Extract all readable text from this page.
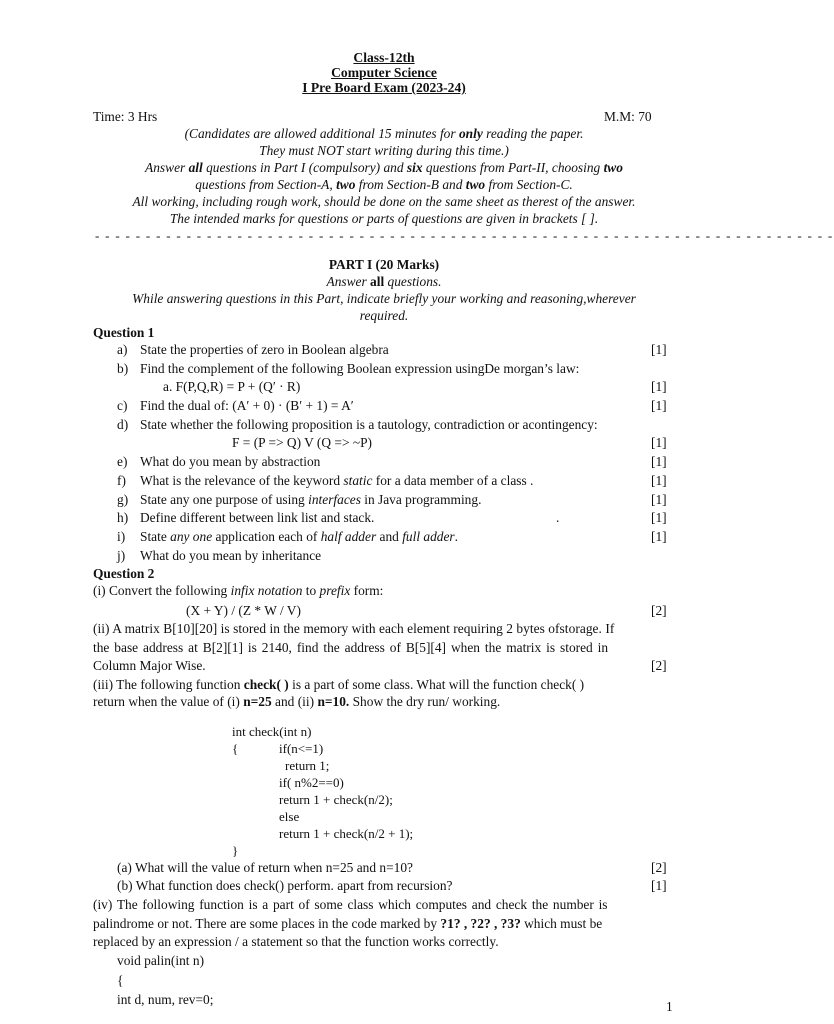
Class-12th
Computer Science
I Pre Board Exam (2023-24)
Time: 3 Hrs	M.M: 70
(Candidates are allowed additional 15 minutes for only reading the paper.
They must NOT start writing during this time.)
Answer all questions in Part I (compulsory) and six questions from Part-II, choosing two
questions from Section-A, two from Section-B and two from Section-C.
All working, including rough work, should be done on the same sheet as therest of the answer.
The intended marks for questions or parts of questions are given in brackets [ ].
- - - - - - - - - - - - - - - - - - - - - - - - - - - - - - - - - - - - - - - - - - - - - - - - - - - - - - - - - - - - - - - - - - - - - - - - -
PART I (20 Marks)
Answer all questions.
While answering questions in this Part, indicate briefly your working and reasoning,wherever
required.
Question 1
a) State the properties of zero in Boolean algebra	[1]
b) Find the complement of the following Boolean expression usingDe morgan’s law:
a. F(P,Q,R) = P + (Q′ · R)	[1]
c) Find the dual of: (A′ + 0) · (B′ + 1) = A′	[1]
d) State whether the following proposition is a tautology, contradiction or acontingency:
F = (P => Q) V (Q => ~P)	[1]
e) What do you mean by abstraction	[1]
f) What is the relevance of the keyword static for a data member of a class .	[1]
g) State any one purpose of using interfaces in Java programming.	[1]
h) Define different between link list and stack.	.	[1]
i) State any one application each of half adder and full adder.	[1]
j) What do you mean by inheritance
Question 2
(i) Convert the following infix notation to prefix form:
(X + Y) / (Z * W / V)	[2]
(ii) A matrix B[10][20] is stored in the memory with each element requiring 2 bytes ofstorage. If
the base address at B[2][1] is 2140, find the address of B[5][4] when the matrix is stored in
Column Major Wise.	[2]
(iii) The following function check( ) is a part of some class. What will the function check( )
return when the value of (i) n=25 and (ii) n=10. Show the dry run/ working.
int check(int n)
{	if(n<=1)
return 1;
if( n%2==0)
return 1 + check(n/2);
else
return 1 + check(n/2 + 1);
}
(a) What will the value of return when n=25 and n=10?	[2]
(b) What function does check() perform. apart from recursion?	[1]
(iv) The following function is a part of some class which computes and check the number is
palindrome or not. There are some places in the code marked by ?1? , ?2? , ?3? which must be
replaced by an expression / a statement so that the function works correctly.
void palin(int n)
{
int d, num, rev=0;	1
